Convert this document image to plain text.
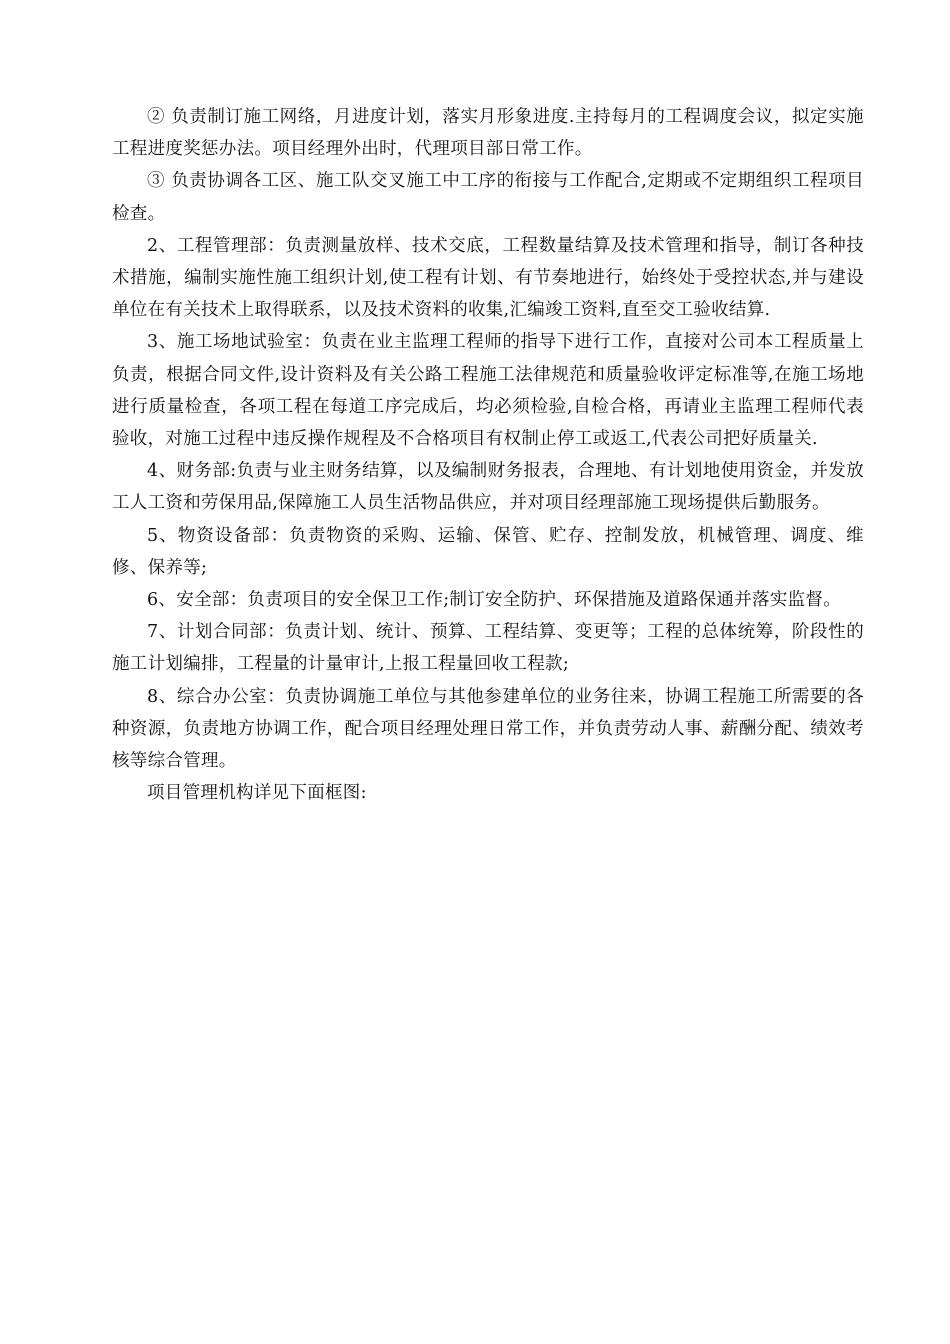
② 负责制订施工网络，月进度计划，落实月形象进度.主持每月的工程调度会议，拟定实施工程进度奖惩办法。项目经理外出时，代理项目部日常工作。

③ 负责协调各工区、施工队交叉施工中工序的衔接与工作配合,定期或不定期组织工程项目检查。

2、工程管理部：负责测量放样、技术交底，工程数量结算及技术管理和指导，制订各种技术措施，编制实施性施工组织计划,使工程有计划、有节奏地进行，始终处于受控状态,并与建设单位在有关技术上取得联系，以及技术资料的收集,汇编竣工资料,直至交工验收结算.

3、施工场地试验室：负责在业主监理工程师的指导下进行工作，直接对公司本工程质量上负责，根据合同文件,设计资料及有关公路工程施工法律规范和质量验收评定标准等,在施工场地进行质量检查，各项工程在每道工序完成后，均必须检验,自检合格，再请业主监理工程师代表验收，对施工过程中违反操作规程及不合格项目有权制止停工或返工,代表公司把好质量关.

4、财务部:负责与业主财务结算，以及编制财务报表，合理地、有计划地使用资金，并发放工人工资和劳保用品,保障施工人员生活物品供应，并对项目经理部施工现场提供后勤服务。

5、物资设备部：负责物资的采购、运输、保管、贮存、控制发放，机械管理、调度、维修、保养等;

6、安全部：负责项目的安全保卫工作;制订安全防护、环保措施及道路保通并落实监督。

7、计划合同部：负责计划、统计、预算、工程结算、变更等；工程的总体统筹，阶段性的施工计划编排，工程量的计量审计,上报工程量回收工程款;

8、综合办公室：负责协调施工单位与其他参建单位的业务往来，协调工程施工所需要的各种资源，负责地方协调工作，配合项目经理处理日常工作，并负责劳动人事、薪酬分配、绩效考核等综合管理。

项目管理机构详见下面框图:
